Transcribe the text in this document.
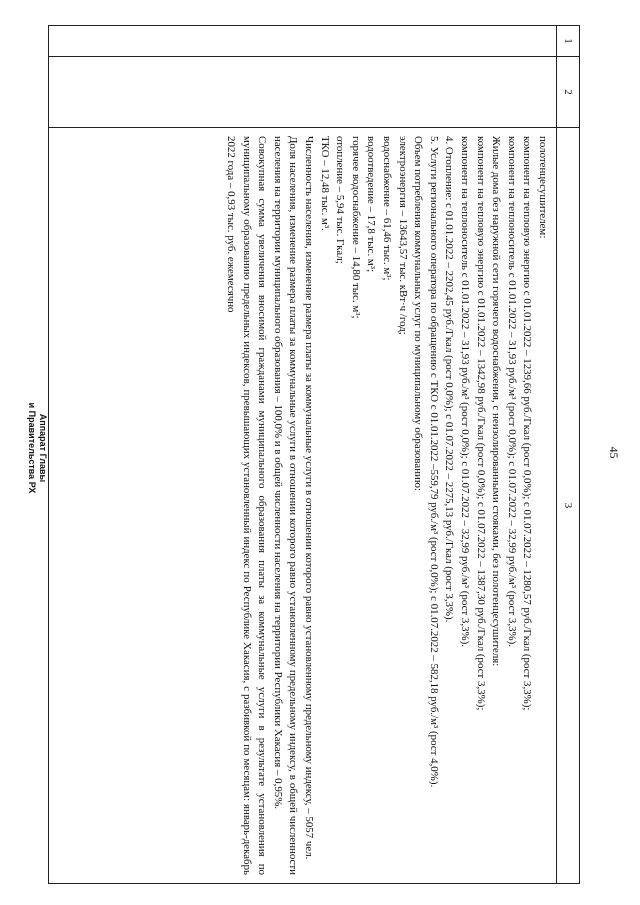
45
1
2
3
полотенцесушителем:
компонент на тепловую энергию с 01.01.2022 – 1239,66 руб./Гкал (рост 0,0%); с 01.07.2022 – 1280,57 руб./Гкал (рост 3,3%);
компонент на теплоноситель с 01.01.2022 – 31,93 руб./м³ (рост 0,0%); с 01.07.2022 – 32,99 руб./м³ (рост 3,3%).
Жилые дома без наружной сети горячего водоснабжения, с неизолированными стояками, без полотенцесушителя:
компонент на тепловую энергию с 01.01.2022 – 1342,98 руб./Гкал (рост 0,0%); с 01.07.2022 – 1387,30 руб./Гкал (рост 3,3%);
компонент на теплоноситель с 01.01.2022 – 31,93 руб./м³ (рост 0,0%); с 01.07.2022 – 32,99 руб./м³ (рост 3,3%).
4. Отопление: с 01.01.2022 – 2202,45 руб./Гкал (рост 0,0%); с 01.07.2022 – 2275,13 руб./Гкал (рост 3,3%).
5. Услуги регионального оператора по обращению с ТКО с 01.01.2022 –559,79 руб./м³ (рост 0,0%); с 01.07.2022 – 582,18 руб./м³ (рост 4,0%).
Объем потребления коммунальных услуг по муниципальному образованию:
электроэнергия – 13643,57 тыс. кВт·ч /год;
водоснабжение – 61,46 тыс. м³;
водоотведение – 17,8 тыс. м³;
горячее водоснабжение – 14,80 тыс. м³;
отопление – 5,94 тыс. Гкал;
ТКО – 12,48 тыс. м³.
Численность населения, изменение размера платы за коммунальные услуги в отношении которого равно установленному предельному индексу, – 5057 чел.
Доля населения, изменение размера платы за коммунальные услуги в отношении которого равно установленному предельному индексу, в общей численности населения на территории муниципального образования – 100,0% и в общей численности населения на территории Республики Хакасия – 0,95%.
Совокупная сумма увеличения вносимой гражданами муниципального образования платы за коммунальные услуги в результате установления по муниципальному образованию предельных индексов, превышающих установленный индекс по Республике Хакасия, с разбивкой по месяцам: январь-декабрь 2022 года – 0,93 тыс. руб. ежемесячно
Аппарат Главы
и Правительства РХ
